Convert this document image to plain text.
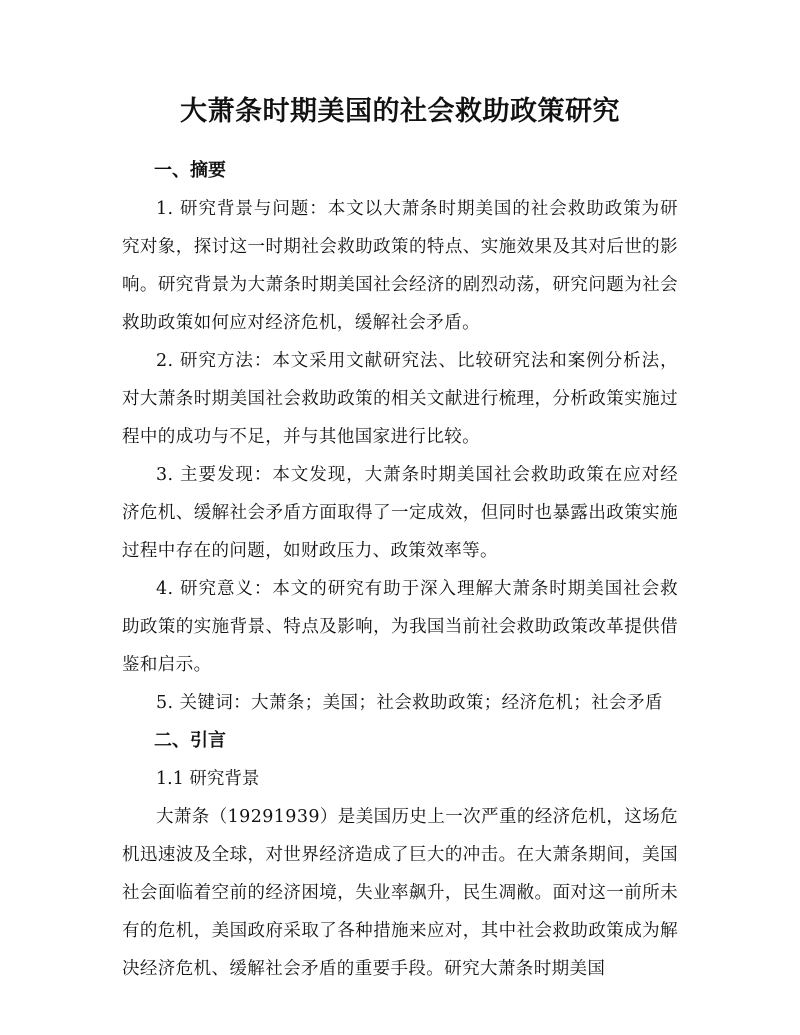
大萧条时期美国的社会救助政策研究
一、摘要

1. 研究背景与问题：本文以大萧条时期美国的社会救助政策为研究对象，探讨这一时期社会救助政策的特点、实施效果及其对后世的影响。研究背景为大萧条时期美国社会经济的剧烈动荡，研究问题为社会救助政策如何应对经济危机，缓解社会矛盾。

2. 研究方法：本文采用文献研究法、比较研究法和案例分析法，对大萧条时期美国社会救助政策的相关文献进行梳理，分析政策实施过程中的成功与不足，并与其他国家进行比较。

3. 主要发现：本文发现，大萧条时期美国社会救助政策在应对经济危机、缓解社会矛盾方面取得了一定成效，但同时也暴露出政策实施过程中存在的问题，如财政压力、政策效率等。

4. 研究意义：本文的研究有助于深入理解大萧条时期美国社会救助政策的实施背景、特点及影响，为我国当前社会救助政策改革提供借鉴和启示。

5. 关键词：大萧条；美国；社会救助政策；经济危机；社会矛盾

二、引言

1.1 研究背景

大萧条（19291939）是美国历史上一次严重的经济危机，这场危机迅速波及全球，对世界经济造成了巨大的冲击。在大萧条期间，美国社会面临着空前的经济困境，失业率飙升，民生凋敝。面对这一前所未有的危机，美国政府采取了各种措施来应对，其中社会救助政策成为解决经济危机、缓解社会矛盾的重要手段。研究大萧条时期美国
